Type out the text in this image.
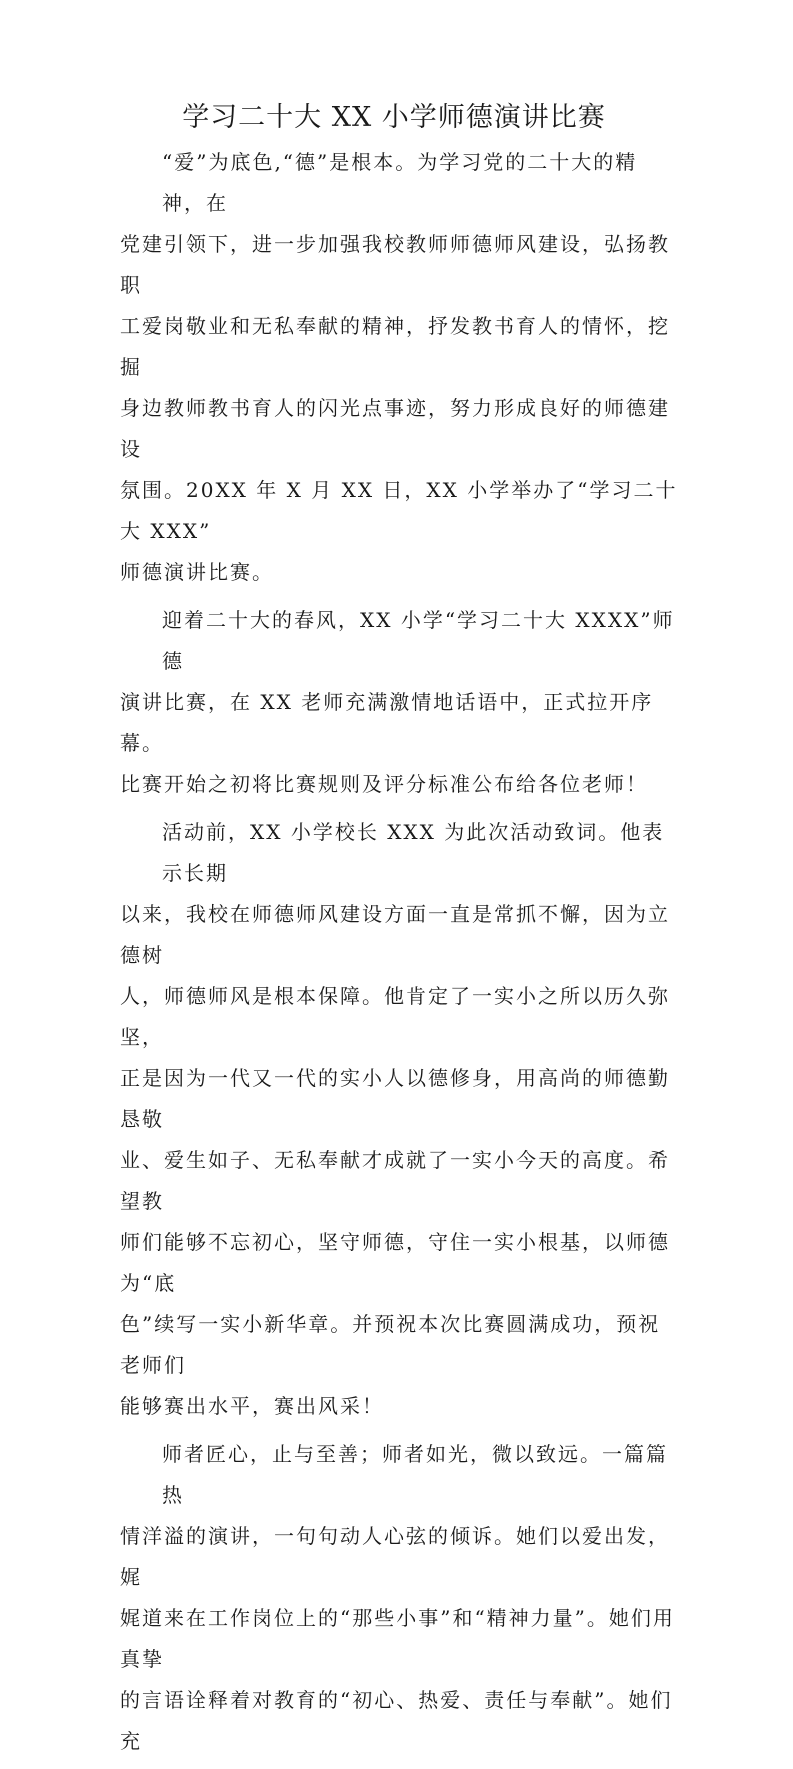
学习二十大 XX 小学师德演讲比赛
“爱”为底色,“德”是根本。为学习党的二十大的精神，在
党建引领下，进一步加强我校教师师德师风建设，弘扬教职
工爱岗敬业和无私奉献的精神，抒发教书育人的情怀，挖掘
身边教师教书育人的闪光点事迹，努力形成良好的师德建设
氛围。20XX 年 X 月 XX 日，XX 小学举办了“学习二十大 XXX”
师德演讲比赛。
迎着二十大的春风，XX 小学“学习二十大 XXXX”师德
演讲比赛，在 XX 老师充满激情地话语中，正式拉开序幕。
比赛开始之初将比赛规则及评分标准公布给各位老师！
活动前，XX 小学校长 XXX 为此次活动致词。他表示长期
以来，我校在师德师风建设方面一直是常抓不懈，因为立德树
人，师德师风是根本保障。他肯定了一实小之所以历久弥坚，
正是因为一代又一代的实小人以德修身，用高尚的师德勤恳敬
业、爱生如子、无私奉献才成就了一实小今天的高度。希望教
师们能够不忘初心，坚守师德，守住一实小根基，以师德为“底
色”续写一实小新华章。并预祝本次比赛圆满成功，预祝老师们
能够赛出水平，赛出风采！
师者匠心，止与至善；师者如光，微以致远。一篇篇热
情洋溢的演讲，一句句动人心弦的倾诉。她们以爱出发，娓
娓道来在工作岗位上的“那些小事”和“精神力量”。她们用真挚
的言语诠释着对教育的“初心、热爱、责任与奉献”。她们充
